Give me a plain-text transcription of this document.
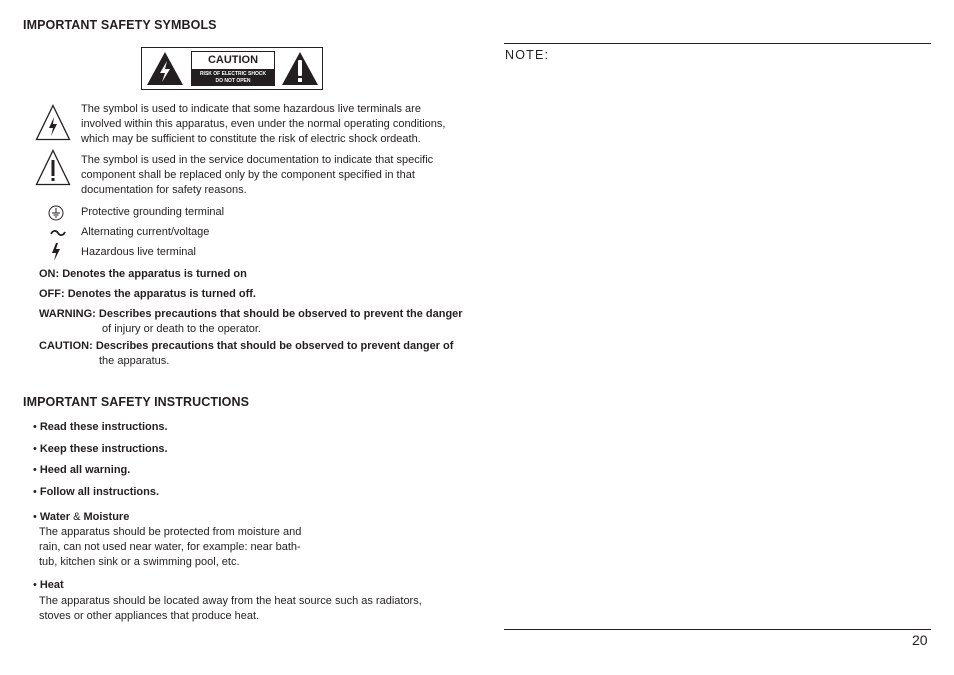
IMPORTANT SAFETY SYMBOLS
CAUTION
RISK OF ELECTRIC SHOCK
DO NOT OPEN
The symbol is used to indicate that some hazardous live terminals are
involved within this apparatus, even under the normal operating conditions,
which may be sufficient to constitute the risk of electric shock ordeath.
The symbol is used in the service documentation to indicate that specific
component shall be replaced only by the component specified in that
documentation for safety reasons.
Protective grounding terminal
Alternating current/voltage
Hazardous live terminal
ON: Denotes the apparatus is turned on
OFF: Denotes the apparatus is turned off.
WARNING: Describes precautions that should be observed to prevent the danger
of injury or death to the operator.
CAUTION: Describes precautions that should be observed to prevent danger of
the apparatus.
IMPORTANT SAFETY INSTRUCTIONS
• Read these instructions.
• Keep these instructions.
• Heed all warning.
• Follow all instructions.
• Water & Moisture
The apparatus should be protected from moisture and
rain, can not used near water, for example: near bath-
tub, kitchen sink or a swimming pool, etc.
• Heat
The apparatus should be located away from the heat source such as radiators,
stoves or other appliances that produce heat.
NOTE:
20
